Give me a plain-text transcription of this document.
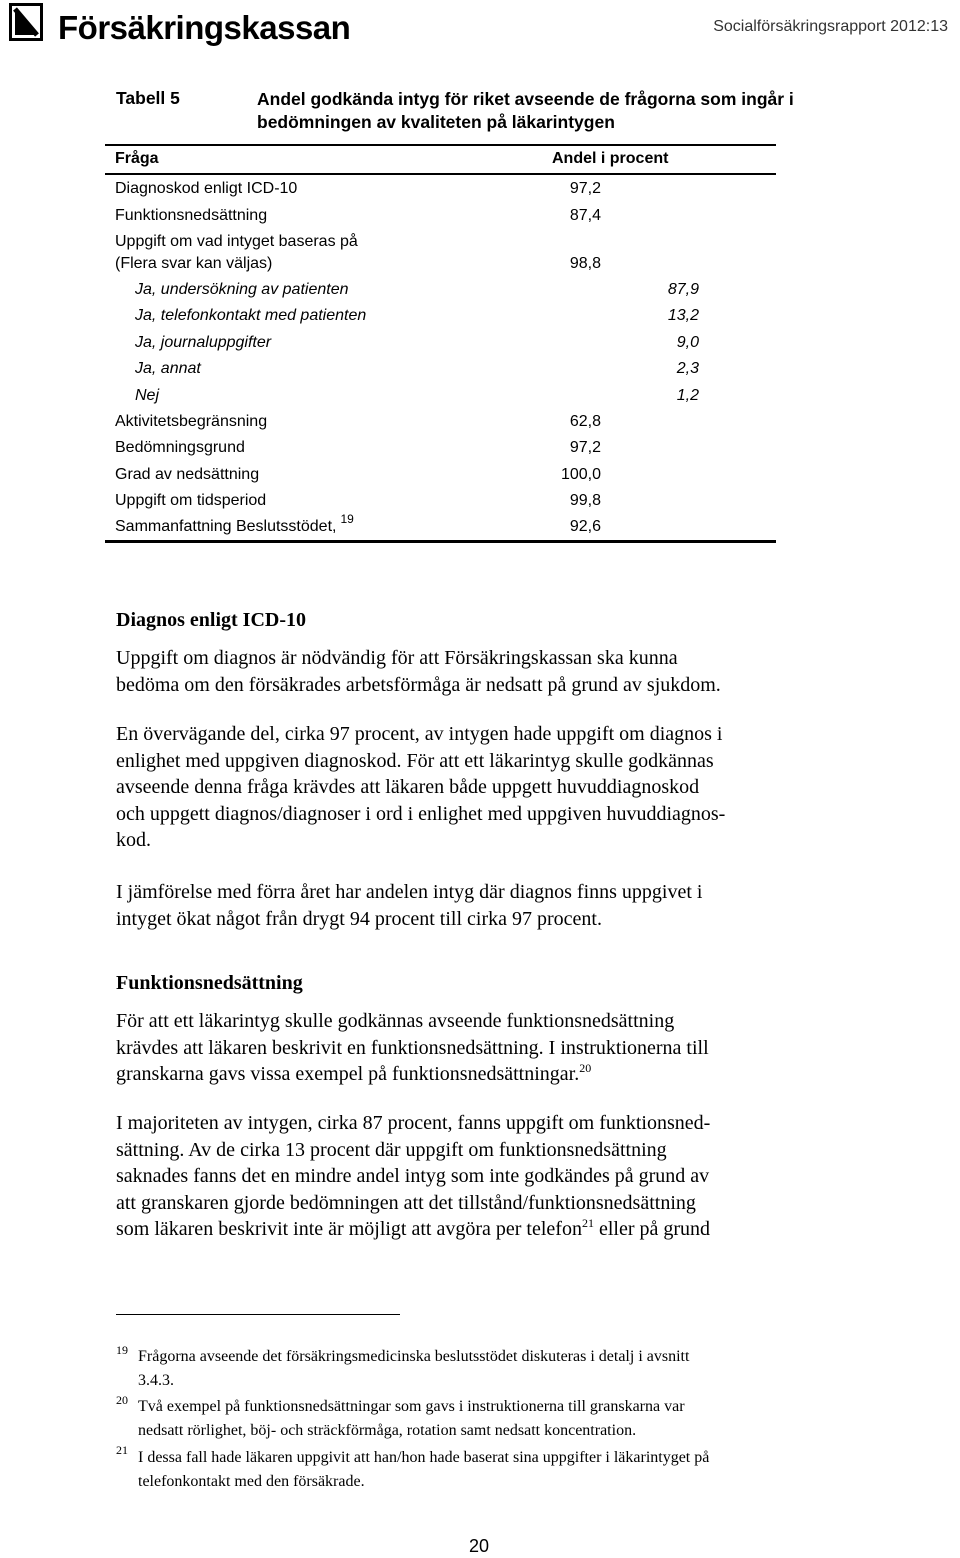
Försäkringskassan	Socialförsäkringsrapport 2012:13
Tabell 5	Andel godkända intyg för riket avseende de frågorna som ingår i bedömningen av kvaliteten på läkarintygen
Fråga	Andel i procent
Diagnoskod enligt ICD-10	97,2
Funktionsnedsättning	87,4
Uppgift om vad intyget baseras på
(Flera svar kan väljas)	98,8
Ja, undersökning av patienten	87,9
Ja, telefonkontakt med patienten	13,2
Ja, journaluppgifter	9,0
Ja, annat	2,3
Nej	1,2
Aktivitetsbegränsning	62,8
Bedömningsgrund	97,2
Grad av nedsättning	100,0
Uppgift om tidsperiod	99,8
Sammanfattning Beslutsstödet, $^{19}$	92,6
Diagnos enligt ICD-10
Uppgift om diagnos är nödvändig för att Försäkringskassan ska kunna
bedöma om den försäkrades arbetsförmåga är nedsatt på grund av sjukdom.
En övervägande del, cirka 97 procent, av intygen hade uppgift om diagnos i
enlighet med uppgiven diagnoskod. För att ett läkarintyg skulle godkännas
avseende denna fråga krävdes att läkaren både uppgett huvuddiagnoskod
och uppgett diagnos/diagnoser i ord i enlighet med uppgiven huvuddiagnos-
kod.
I jämförelse med förra året har andelen intyg där diagnos finns uppgivet i
intyget ökat något från drygt 94 procent till cirka 97 procent.
Funktionsnedsättning
För att ett läkarintyg skulle godkännas avseende funktionsnedsättning
krävdes att läkaren beskrivit en funktionsnedsättning. I instruktionerna till
granskarna gavs vissa exempel på funktionsnedsättningar.$^{20}$
I majoriteten av intygen, cirka 87 procent, fanns uppgift om funktionsned-
sättning. Av de cirka 13 procent där uppgift om funktionsnedsättning
saknades fanns det en mindre andel intyg som inte godkändes på grund av
att granskaren gjorde bedömningen att det tillstånd/funktionsnedsättning
som läkaren beskrivit inte är möjligt att avgöra per telefon$^{21}$ eller på grund
19 Frågorna avseende det försäkringsmedicinska beslutsstödet diskuteras i detalj i avsnitt
3.4.3.
20 Två exempel på funktionsnedsättningar som gavs i instruktionerna till granskarna var
nedsatt rörlighet, böj- och sträckförmåga, rotation samt nedsatt koncentration.
21 I dessa fall hade läkaren uppgivit att han/hon hade baserat sina uppgifter i läkarintyget på
telefonkontakt med den försäkrade.
20
